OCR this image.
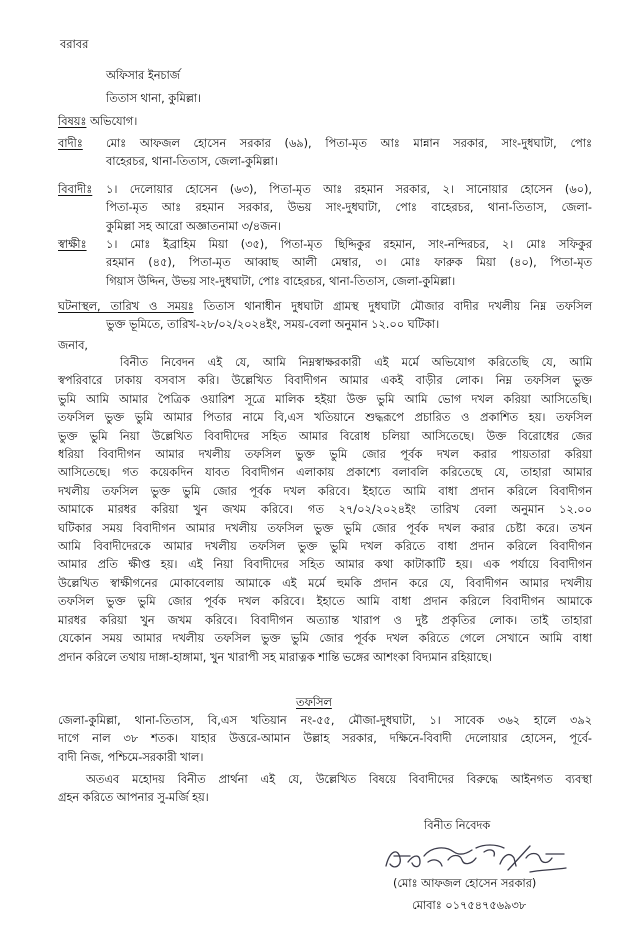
বরাবর
অফিসার ইনচার্জ
তিতাস থানা, কুমিল্লা।
বিষয়ঃ অভিযোগ।
বাদীঃ মোঃ আফজল হোসেন সরকার (৬৯), পিতা-মৃত আঃ মান্নান সরকার, সাং-দুধঘাটা, পোঃ
বাহেরচর, থানা-তিতাস, জেলা-কুমিল্লা।
বিবাদীঃ ১। দেলোয়ার হোসেন (৬৩), পিতা-মৃত আঃ রহমান সরকার, ২। সানোয়ার হোসেন (৬০),
পিতা-মৃত আঃ রহমান সরকার, উভয় সাং-দুধঘাটা, পোঃ বাহেরচর, থানা-তিতাস, জেলা-
কুমিল্লা সহ আরো অজ্ঞাতনামা ৩/৪জন।
স্বাক্ষীঃ ১। মোঃ ইব্রাহিম মিয়া (৩৫), পিতা-মৃত ছিদ্দিকুর রহমান, সাং-নন্দিরচর, ২। মোঃ সফিকুর
রহমান (৪৫), পিতা-মৃত আব্বাছ আলী মেম্বার, ৩। মোঃ ফারুক মিয়া (৪০), পিতা-মৃত
গিয়াস উদ্দিন, উভয় সাং-দুধঘাটা, পোঃ বাহেরচর, থানা-তিতাস, জেলা-কুমিল্লা।
ঘটনাস্থল, তারিখ ও সময়ঃ তিতাস থানাধীন দুধঘাটা গ্রামস্থ দুধঘাটা মৌজার বাদীর দখলীয় নিম্ন তফসিল
ভুক্ত ভূমিতে, তারিখ-২৮/০২/২০২৪ইং, সময়-বেলা অনুমান ১২.০০ ঘটিকা।
জনাব,
বিনীত নিবেদন এই যে, আমি নিম্নস্বাক্ষরকারী এই মর্মে অভিযোগ করিতেছি যে, আমি
স্বপরিবারে ঢাকায় বসবাস করি। উল্লেখিত বিবাদীগন আমার একই বাড়ীর লোক। নিম্ন তফসিল ভুক্ত
ভুমি আমি আমার পৈত্রিক ওয়ারিশ সূত্রে মালিক হইয়া উক্ত ভুমি আমি ভোগ দখল করিয়া আসিতেছি।
তফসিল ভুক্ত ভুমি আমার পিতার নামে বি,এস খতিয়ানে শুদ্ধরূপে প্রচারিত ও প্রকাশিত হয়। তফসিল
ভুক্ত ভুমি নিয়া উল্লেখিত বিবাদীদের সহিত আমার বিরোধ চলিয়া আসিতেছে। উক্ত বিরোধের জের
ধরিয়া বিবাদীগন আমার দখলীয় তফসিল ভুক্ত ভুমি জোর পূর্বক দখল করার পায়তারা করিয়া
আসিতেছে। গত কয়েকদিন যাবত বিবাদীগন এলাকায় প্রকাশ্যে বলাবলি করিতেছে যে, তাহারা আমার
দখলীয় তফসিল ভুক্ত ভুমি জোর পূর্বক দখল করিবে। ইহাতে আমি বাধা প্রদান করিলে বিবাদীগন
আমাকে মারধর করিয়া খুন জখম করিবে। গত ২৭/০২/২০২৪ইং তারিখ বেলা অনুমান ১২.০০
ঘটিকার সময় বিবাদীগন আমার দখলীয় তফসিল ভুক্ত ভুমি জোর পূর্বক দখল করার চেষ্টা করে। তখন
আমি বিবাদীদেরকে আমার দখলীয় তফসিল ভুক্ত ভুমি দখল করিতে বাধা প্রদান করিলে বিবাদীগন
আমার প্রতি ক্ষীপ্ত হয়। এই নিয়া বিবাদীদের সহিত আমার কথা কাটাকাটি হয়। এক পর্যায়ে বিবাদীগন
উল্লেখিত স্বাক্ষীগনের মোকাবেলায় আমাকে এই মর্মে হুমকি প্রদান করে যে, বিবাদীগন আমার দখলীয়
তফসিল ভুক্ত ভুমি জোর পূর্বক দখল করিবে। ইহাতে আমি বাধা প্রদান করিলে বিবাদীগন আমাকে
মারধর করিয়া খুন জখম করিবে। বিবাদীগন অত্যান্ত খারাপ ও দুষ্ট প্রকৃতির লোক। তাই তাহারা
যেকোন সময় আমার দখলীয় তফসিল ভুক্ত ভুমি জোর পূর্বক দখল করিতে গেলে সেখানে আমি বাধা
প্রদান করিলে তথায় দাঙ্গা-হাঙ্গামা, খুন খারাপী সহ মারাত্নক শান্তি ভঙ্গের আশংকা বিদ্যমান রহিয়াছে।
তফসিল
জেলা-কুমিল্লা, থানা-তিতাস, বি,এস খতিয়ান নং-৫৫, মৌজা-দুধঘাটা, ১। সাবেক ৩৬২ হালে ৩৯২
দাগে নাল ৩৮ শতক। যাহার উত্তরে-আমান উল্লাহ সরকার, দক্ষিনে-বিবাদী দেলোয়ার হোসেন, পূর্বে-
বাদী নিজ, পশ্চিমে-সরকারী খাল।
অতএব মহোদয় বিনীত প্রার্থনা এই যে, উল্লেখিত বিষয়ে বিবাদীদের বিরুদ্ধে আইনগত ব্যবস্থা
গ্রহন করিতে আপনার সু-মর্জি হয়।
বিনীত নিবেদক
(মোঃ আফজল হোসেন সরকার)
মোবাঃ ০১৭৫৪৭৫৬৯৩৮
